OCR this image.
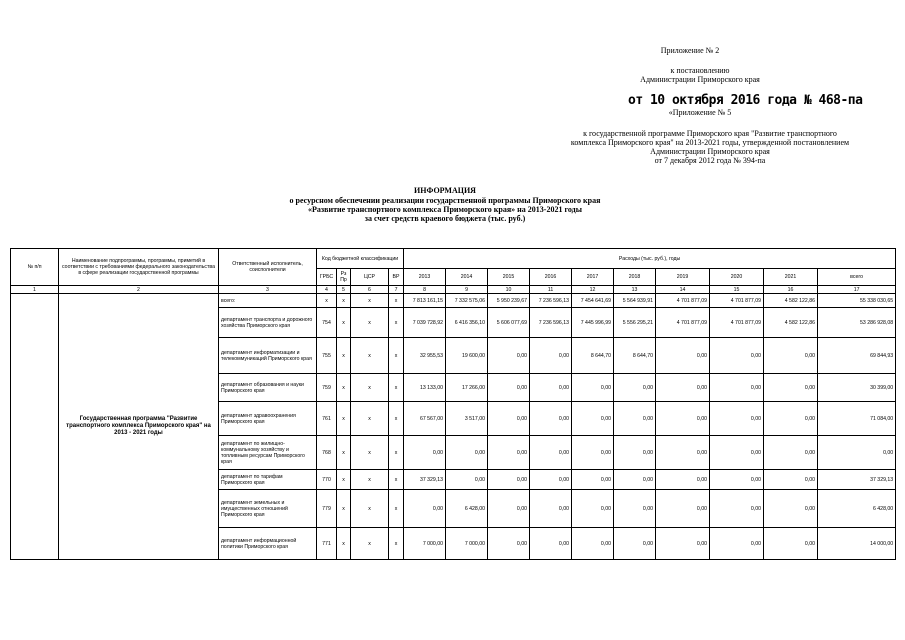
Приложение № 2
к постановлению
Администрации Приморского края
от 10 октября 2016 года № 468-па
«Приложение № 5
к государственной программе Приморского края "Развитие транспортного
комплекса Приморского края" на 2013-2021 годы, утвержденной постановлением
Администрации Приморского края
от 7 декабря 2012 года № 394-па
ИНФОРМАЦИЯ
о ресурсном обеспечении реализации государственной программы Приморского края
«Развитие транспортного комплекса Приморского края» на 2013-2021 годы
за счет средств краевого бюджета (тыс. руб.)
№ п/п	Наименование подпрограммы, программы, приметий в соответствии с требованиями федерального законодательства в сфере реализации государственной программы	Ответственный исполнитель, соисполнители	Код бюджетной классификации				Расходы (тыс. руб.), годы									
			ГРБС	Рз Пр	ЦСР	ВР	2013	2014	2015	2016	2017	2018	2019	2020	2021	всего
1	2	3	4	5	6	7	8	9	10	11	12	13	14	15	16	17
	Государственная программа "Развитие транспортного комплекса Приморского края" на 2013 - 2021 годы	всего:	x	x	x	x	7 813 161,15	7 332 575,06	5 950 239,67	7 236 596,13	7 454 641,69	5 564 939,91	4 701 877,09	4 701 877,09	4 582 122,86	55 338 030,65
		департамент транспорта и дорожного хозяйства Приморского края	754	x	x	x	7 039 728,92	6 416 356,10	5 606 077,69	7 236 596,13	7 445 996,99	5 556 295,21	4 701 877,09	4 701 877,09	4 582 122,86	53 286 928,08
		департамент информатизации и телекоммуникаций Приморского края	755	x	x	x	32 955,53	19 600,00	0,00	0,00	8 644,70	8 644,70	0,00	0,00	0,00	69 844,93
		департамент образования и науки Приморского края	759	x	x	x	13 133,00	17 266,00	0,00	0,00	0,00	0,00	0,00	0,00	0,00	30 399,00
		департамент здравоохранения Приморского края	761	x	x	x	67 567,00	3 517,00	0,00	0,00	0,00	0,00	0,00	0,00	0,00	71 084,00
		департамент по жилищно-коммунальному хозяйству и топливным ресурсам Приморского края	768	x	x	x	0,00	0,00	0,00	0,00	0,00	0,00	0,00	0,00	0,00	0,00
		департамент по тарифам Приморского края	770	x	x	x	37 329,13	0,00	0,00	0,00	0,00	0,00	0,00	0,00	0,00	37 329,13
		департамент земельных и имущественных отношений Приморского края	779	x	x	x	0,00	6 428,00	0,00	0,00	0,00	0,00	0,00	0,00	0,00	6 428,00
		департамент информационной политики Приморского края	771	x	x	x	7 000,00	7 000,00	0,00	0,00	0,00	0,00	0,00	0,00	0,00	14 000,00
